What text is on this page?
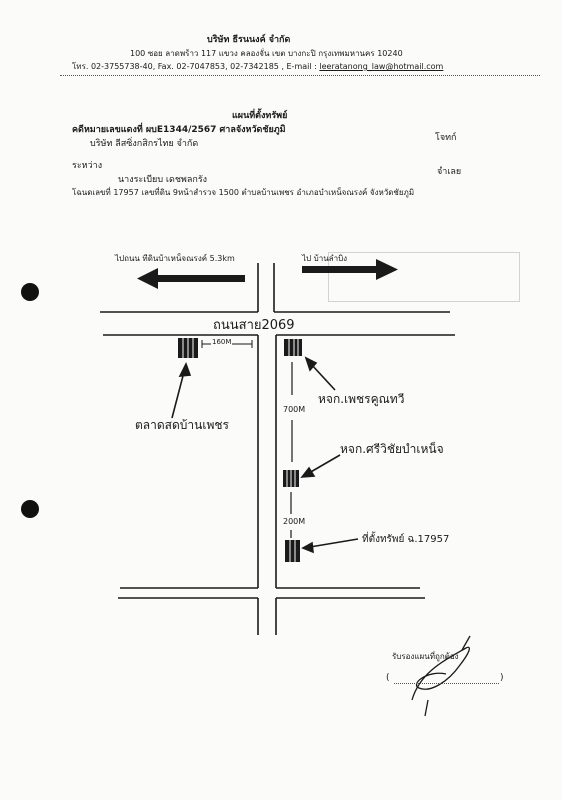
บริษัท ธีรนนงค์ จำกัด
100 ซอย ลาดพร้าว 117 แขวง คลองจั่น เขต บางกะปิ กรุงเทพมหานคร 10240
โทร. 02-3755738-40, Fax. 02-7047853, 02-7342185 , E-mail : leeratanong_law@hotmail.com
แผนที่ตั้งทรัพย์
คดีหมายเลขแดงที่ ผบE1344/2567 ศาลจังหวัดชัยภูมิ
โจทก์
บริษัท ลีสซิ่งกสิกรไทย จำกัด
ระหว่าง
จำเลย
นางระเบียบ เดชพลกรัง
โฉนดเลขที่ 17957 เลขที่ดิน 9หน้าสำรวจ 1500 ตำบลบ้านเพชร อำเภอบำเหน็จณรงค์ จังหวัดชัยภูมิ
ไปถนน ทีดินบ้าเหน็จณรงค์ 5.3km	ไป บ้านลำบิง
ถนนสาย2069
160M
700M
200M
ตลาดสดบ้านเพชร
หจก.เพชรคูณทวี
หจก.ศรีวิชัยบำเหน็จ
ที่ตั้งทรัพย์ ฉ.17957
รับรองแผนที่ถูกต้อง
(	)
